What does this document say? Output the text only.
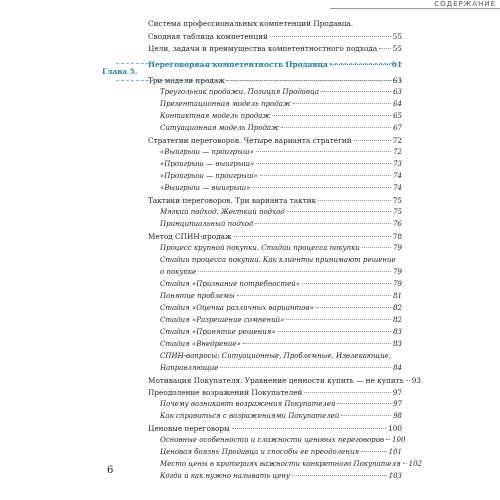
СОДЕРЖАНИЕ
Глава 5.
Система профессиональных компетенций Продавца.
Сводная таблица компетенций	55
Цели, задачи и преимущества компетентностного подхода 55
Переговорная компетентность Продавца	61
Три модели продаж	63
Треугольник продажи. Позиция Продавца	63
Презентационная модель продаж	64
Контактная модель продаж	65
Ситуационная модель Продаж	67
Стратегии переговоров. Четыре варианта стратегий	72
«Выигрыш — проигрыш»	72
«Проигрыш — выигрыш»	73
«Проигрыш — проигрыш»	74
«Выигрыш — выигрыш»	74
Тактики переговоров. Три варианта тактик	75
Мягкий подход. Жесткий подход	75
Принципиальный подход	76
Метод СПИН-продаж	78
Процесс крупной покупки. Стадии процесса покупки	79
Стадии процесса покупки. Как клиенты принимают решение
о покупке	79
Стадия «Признание потребностей»	79
Понятие проблемы	81
Стадия «Оценка различных вариантов»	82
Стадия «Разрешение сомнений»	82
Стадия «Принятие решения»	83
Стадия «Внедрение»	83
СПИН-вопросы: Ситуационные, Проблемные, Извлекающие,
Направляющие	84
Мотивация Покупателя. Уравнение ценности купить — не купить 93
Преодоление возражений Покупателей	97
Почему возникают возражения Покупателей	97
Как справиться с возражениями Покупателей	98
Ценовые переговоры	100
Основные особенности и сложности ценовых переговоров 100
Ценовая боязнь Продавца и способы ее преодоления	101
Место цены в критериях важности конкретного Покупателя 102
Когда и как нужно называть цену	103
6
